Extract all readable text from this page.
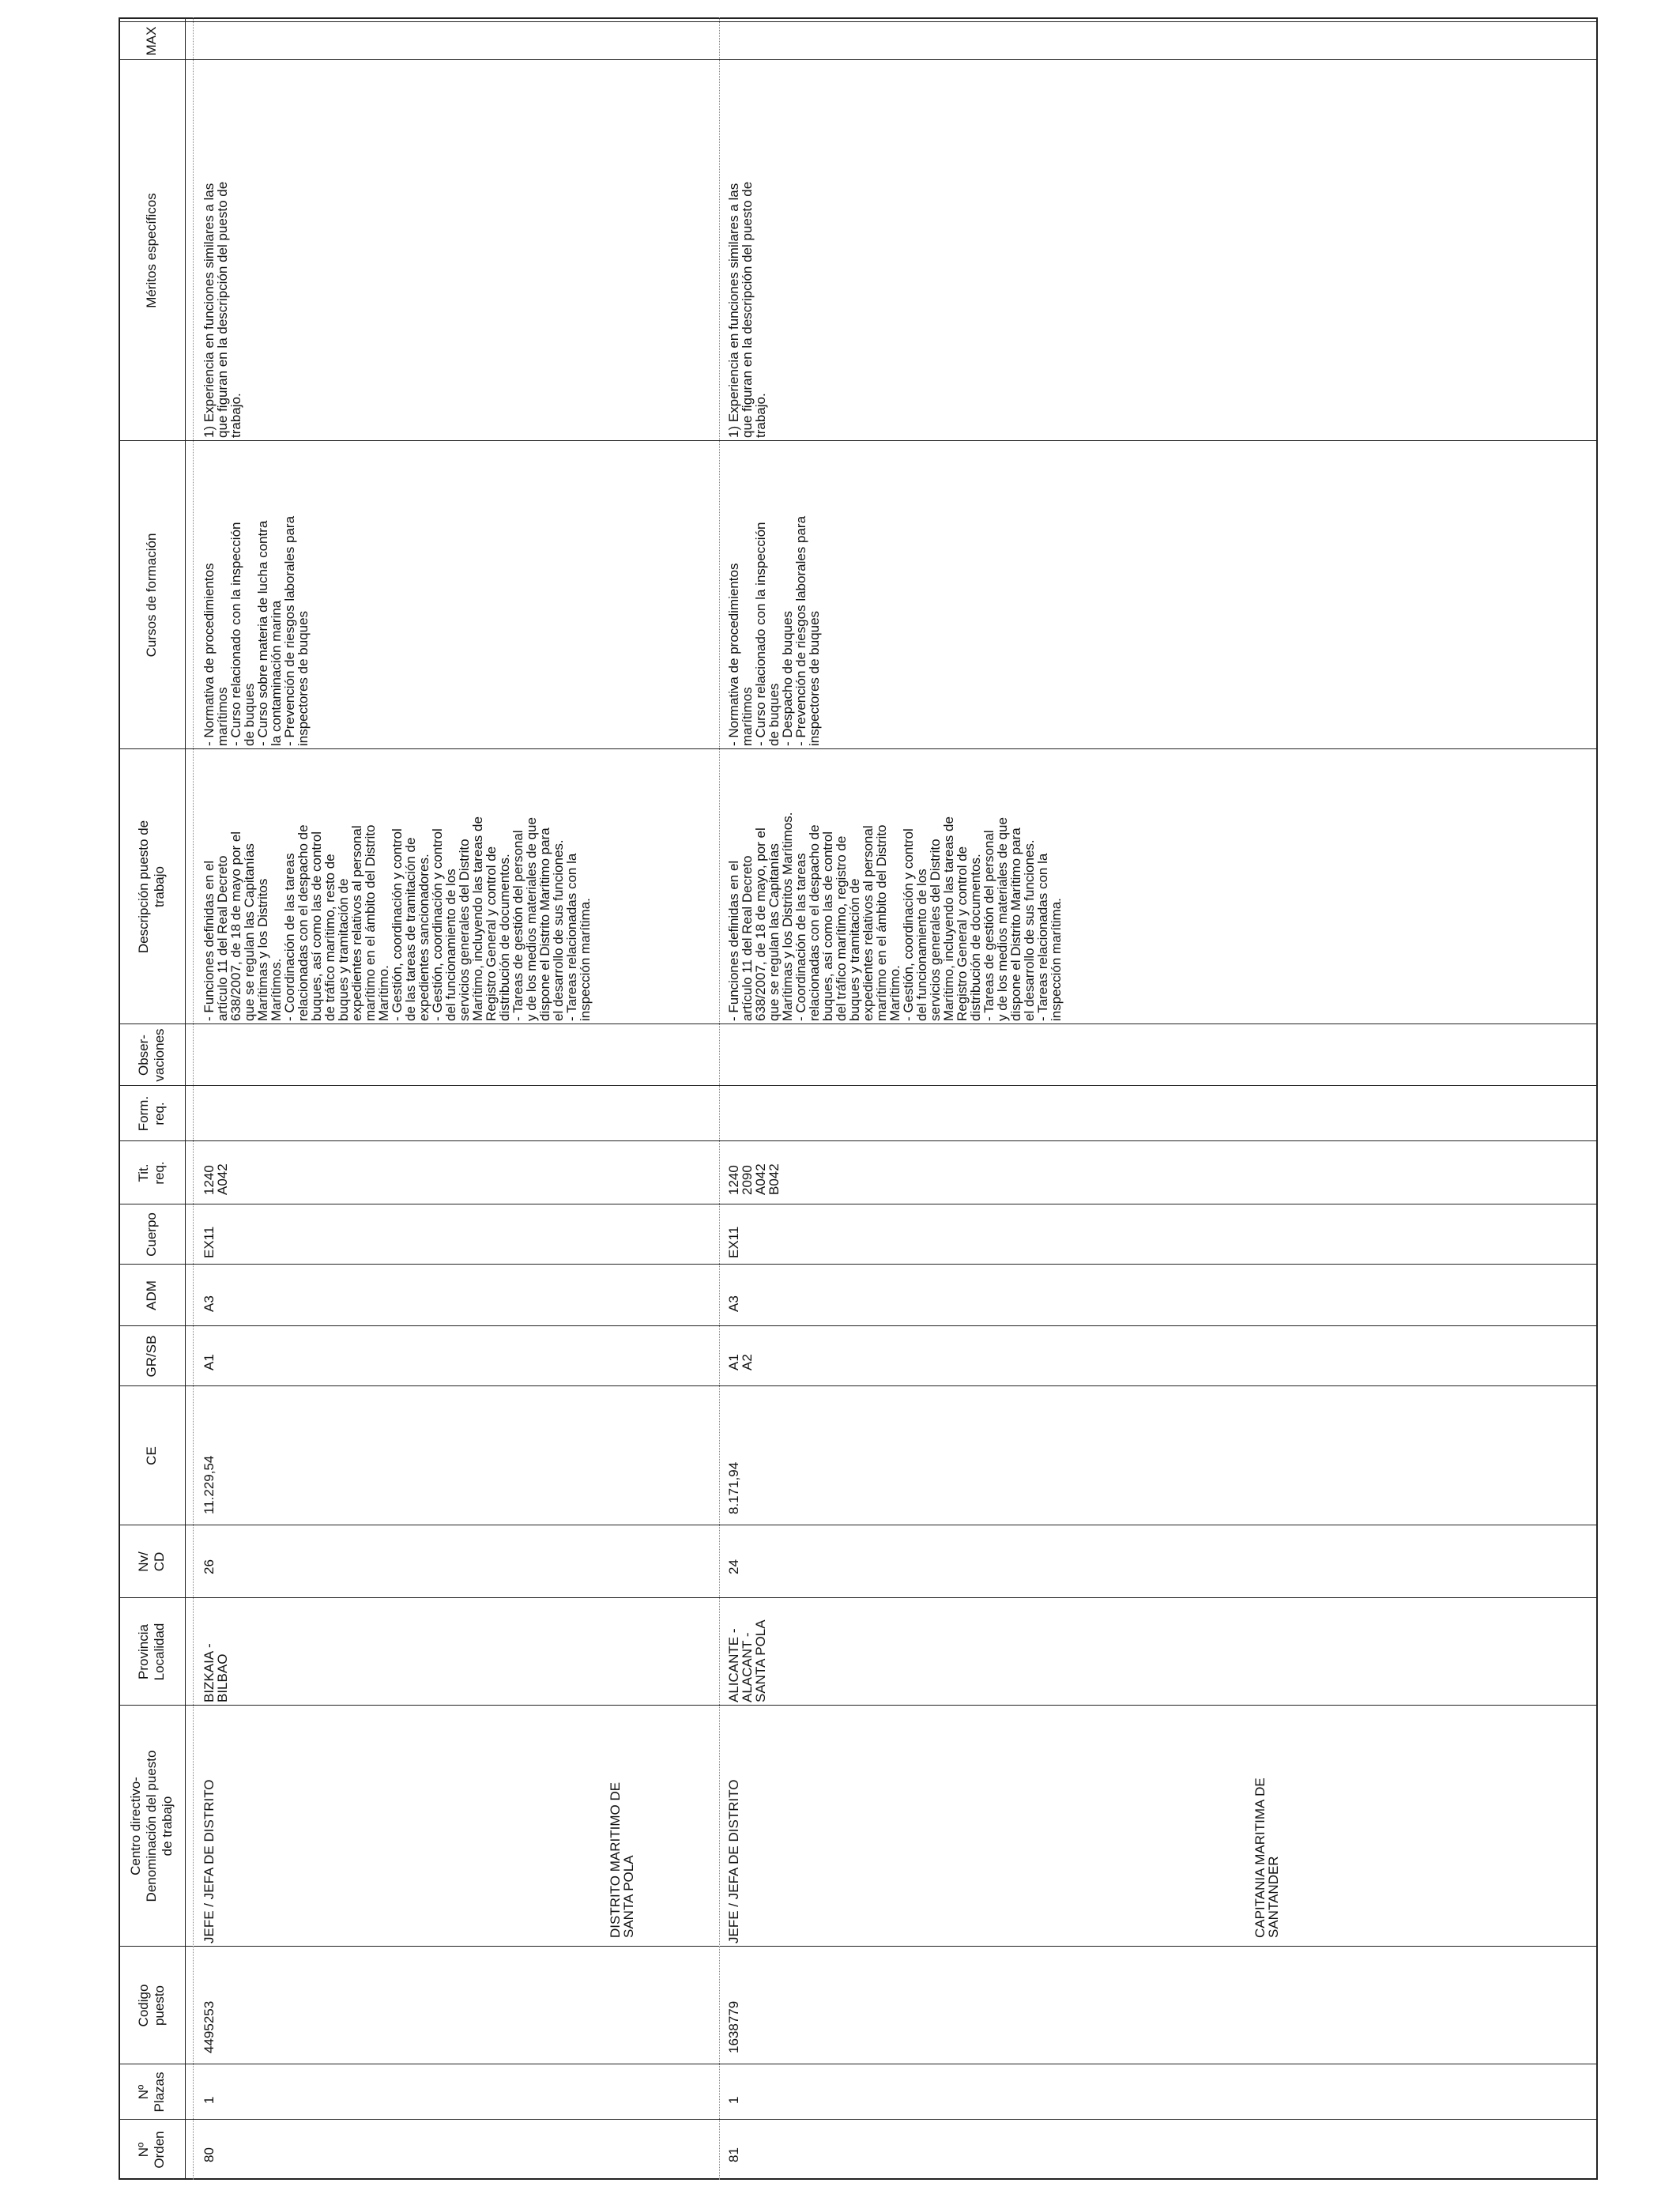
Nº
Orden
Nº
Plazas
Codigo
puesto
Centro directivo-
Denominación del puesto
de trabajo
Provincia
Localidad
Nv/
CD
CE
GR/SB
ADM
Cuerpo
Tit.
req.
Form.
req.
Obser-
vaciones
Descripción puesto de
trabajo
Cursos de formación
Méritos específicos
MAX
80
1
4495253
JEFE / JEFA DE DISTRITO
BIZKAIA -
BILBAO
26
11.229,54
A1
A3
EX11
1240
A042
- Funciones definidas en el
artículo 11 del Real Decreto
638/2007, de 18 de mayo por el
que se regulan las Capitanías
Marítimas y los Distritos
Marítimos.
- Coordinación de las tareas
relacionadas con el despacho de
buques, así como las de control
de tráfico marítimo, resto de
buques y tramitación de
expedientes relativos al personal
marítimo en el ámbito del Distrito
Marítimo.
- Gestión, coordinación y control
de las tareas de tramitación de
expedientes sancionadores.
- Gestión, coordinación y control
del funcionamiento de los
servicios generales del Distrito
Marítimo, incluyendo las tareas de
Registro General y control de
distribución de documentos.
- Tareas de gestión del personal
y de los medios materiales de que
dispone el Distrito Marítimo para
el desarrollo de sus funciones.
- Tareas relacionadas con la
inspección marítima.
- Normativa de procedimientos
marítimos
- Curso relacionado con la inspección
de buques
- Curso sobre materia de lucha contra
la contaminación marina
- Prevención de riesgos laborales para
inspectores de buques
1) Experiencia en funciones similares a las
que figuran en la descripción del puesto de
trabajo.
DISTRITO MARITIMO DE
SANTA POLA
81
1
1638779
JEFE / JEFA DE DISTRITO
ALICANTE -
ALACANT -
SANTA POLA
24
8.171,94
A1
A2
A3
EX11
1240
2090
A042
B042
- Funciones definidas en el
artículo 11 del Real Decreto
638/2007, de 18 de mayo, por el
que se regulan las Capitanías
Marítimas y los Distritos Marítimos.
- Coordinación de las tareas
relacionadas con el despacho de
buques, así como las de control
del tráfico marítimo, registro de
buques y tramitación de
expedientes relativos al personal
marítimo en el ámbito del Distrito
Marítimo.
- Gestión, coordinación y control
del funcionamiento de los
servicios generales del Distrito
Marítimo, incluyendo las tareas de
Registro General y control de
distribución de documentos.
- Tareas de gestión del personal
y de los medios materiales de que
dispone el Distrito Marítimo para
el desarrollo de sus funciones.
- Tareas relacionadas con la
inspección marítima.
- Normativa de procedimientos
marítimos
- Curso relacionado con la inspección
de buques
- Despacho de buques
- Prevención de riesgos laborales para
inspectores de buques
1) Experiencia en funciones similares a las
que figuran en la descripción del puesto de
trabajo.
CAPITANIA MARITIMA DE
SANTANDER
